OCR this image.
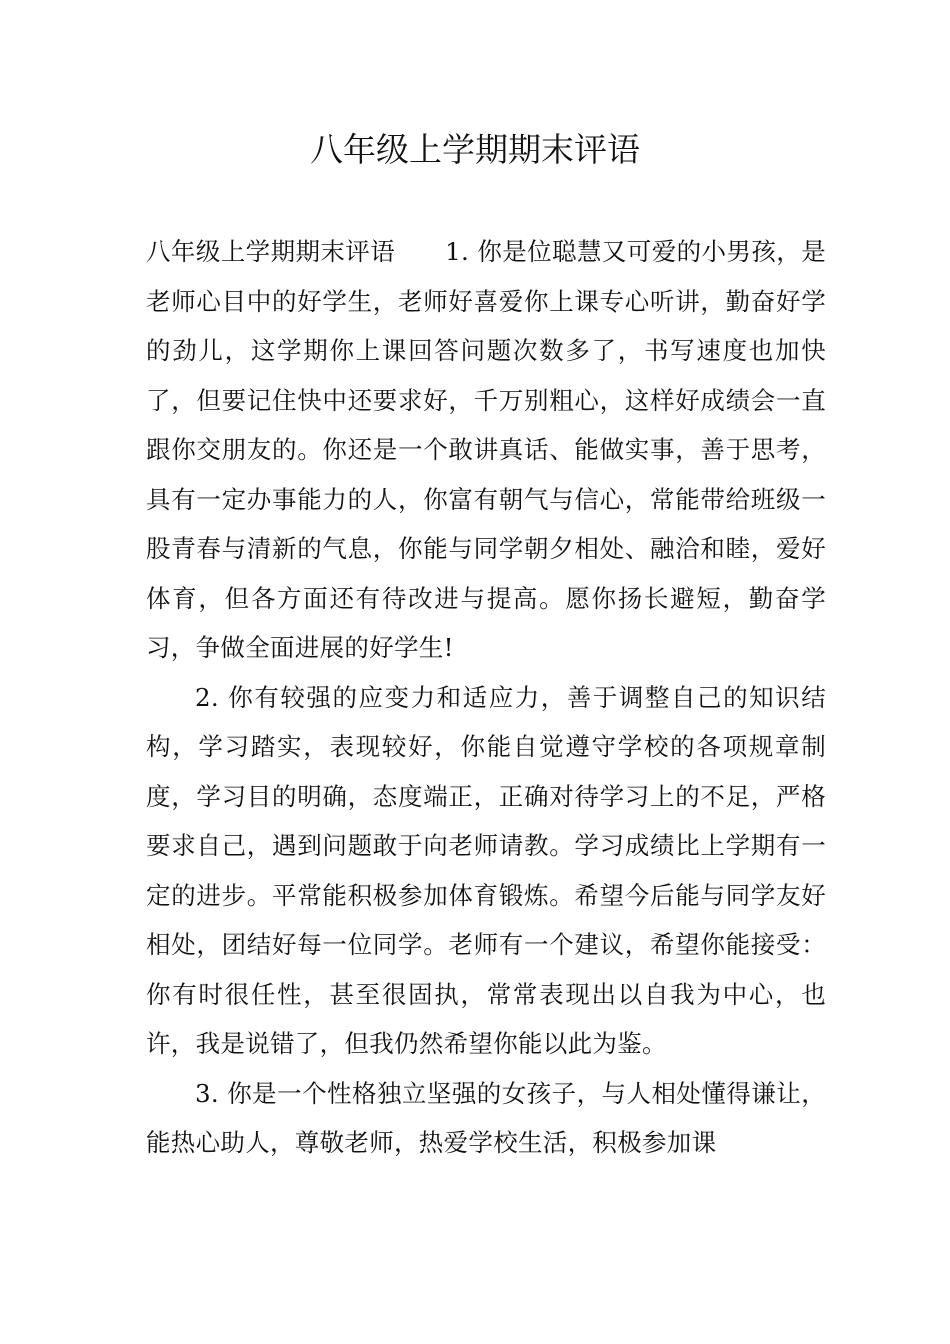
八年级上学期期末评语

八年级上学期期末评语 1. 你是位聪慧又可爱的小男孩，是老师心目中的好学生，老师好喜爱你上课专心听讲，勤奋好学的劲儿，这学期你上课回答问题次数多了，书写速度也加快了，但要记住快中还要求好，千万别粗心，这样好成绩会一直跟你交朋友的。你还是一个敢讲真话、能做实事，善于思考，具有一定办事能力的人，你富有朝气与信心，常能带给班级一股青春与清新的气息，你能与同学朝夕相处、融洽和睦，爱好体育，但各方面还有待改进与提高。愿你扬长避短，勤奋学习，争做全面进展的好学生!

2. 你有较强的应变力和适应力，善于调整自己的知识结构，学习踏实，表现较好，你能自觉遵守学校的各项规章制度，学习目的明确，态度端正，正确对待学习上的不足，严格要求自己，遇到问题敢于向老师请教。学习成绩比上学期有一定的进步。平常能积极参加体育锻炼。希望今后能与同学友好相处，团结好每一位同学。老师有一个建议，希望你能接受：你有时很任性，甚至很固执，常常表现出以自我为中心，也许，我是说错了，但我仍然希望你能以此为鉴。

3. 你是一个性格独立坚强的女孩子，与人相处懂得谦让，能热心助人，尊敬老师，热爱学校生活，积极参加课
